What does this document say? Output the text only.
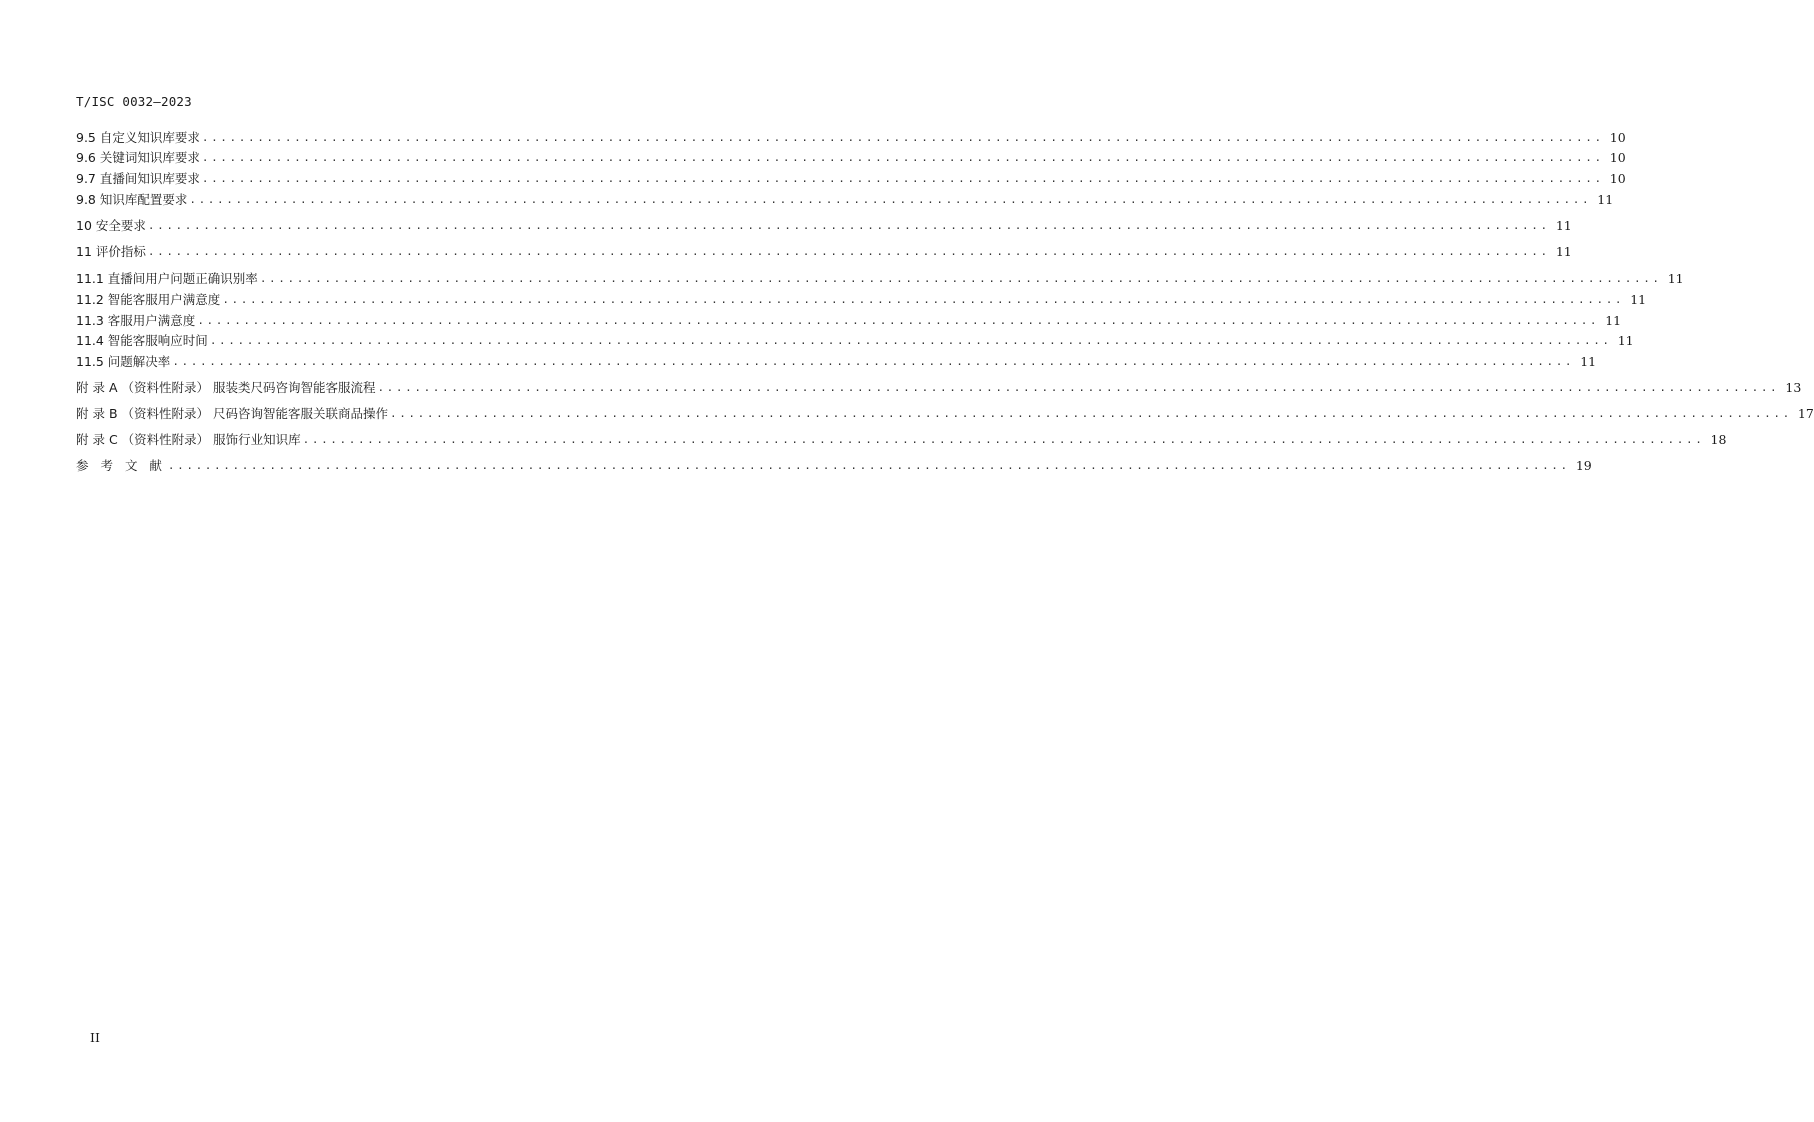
T/ISC 0032—2023
9.5 自定义知识库要求 ........................................................................................................................................................ 10
9.6 关键词知识库要求 ........................................................................................................................................................ 10
9.7 直播间知识库要求 ........................................................................................................................................................ 10
9.8 知识库配置要求 ........................................................................................................................................................ 11
10 安全要求 ........................................................................................................................................................ 11
11 评价指标 ........................................................................................................................................................ 11
11.1 直播间用户问题正确识别率 ........................................................................................................................................................ 11
11.2 智能客服用户满意度 ........................................................................................................................................................ 11
11.3 客服用户满意度 ........................................................................................................................................................ 11
11.4 智能客服响应时间 ........................................................................................................................................................ 11
11.5 问题解决率 ........................................................................................................................................................ 11
附 录 A （资料性附录） 服装类尺码咨询智能客服流程 ........................................................................................................................................................ 13
附 录 B （资料性附录） 尺码咨询智能客服关联商品操作 ........................................................................................................................................................ 17
附 录 C （资料性附录） 服饰行业知识库 ........................................................................................................................................................ 18
参 考 文 献 ........................................................................................................................................................ 19
II
